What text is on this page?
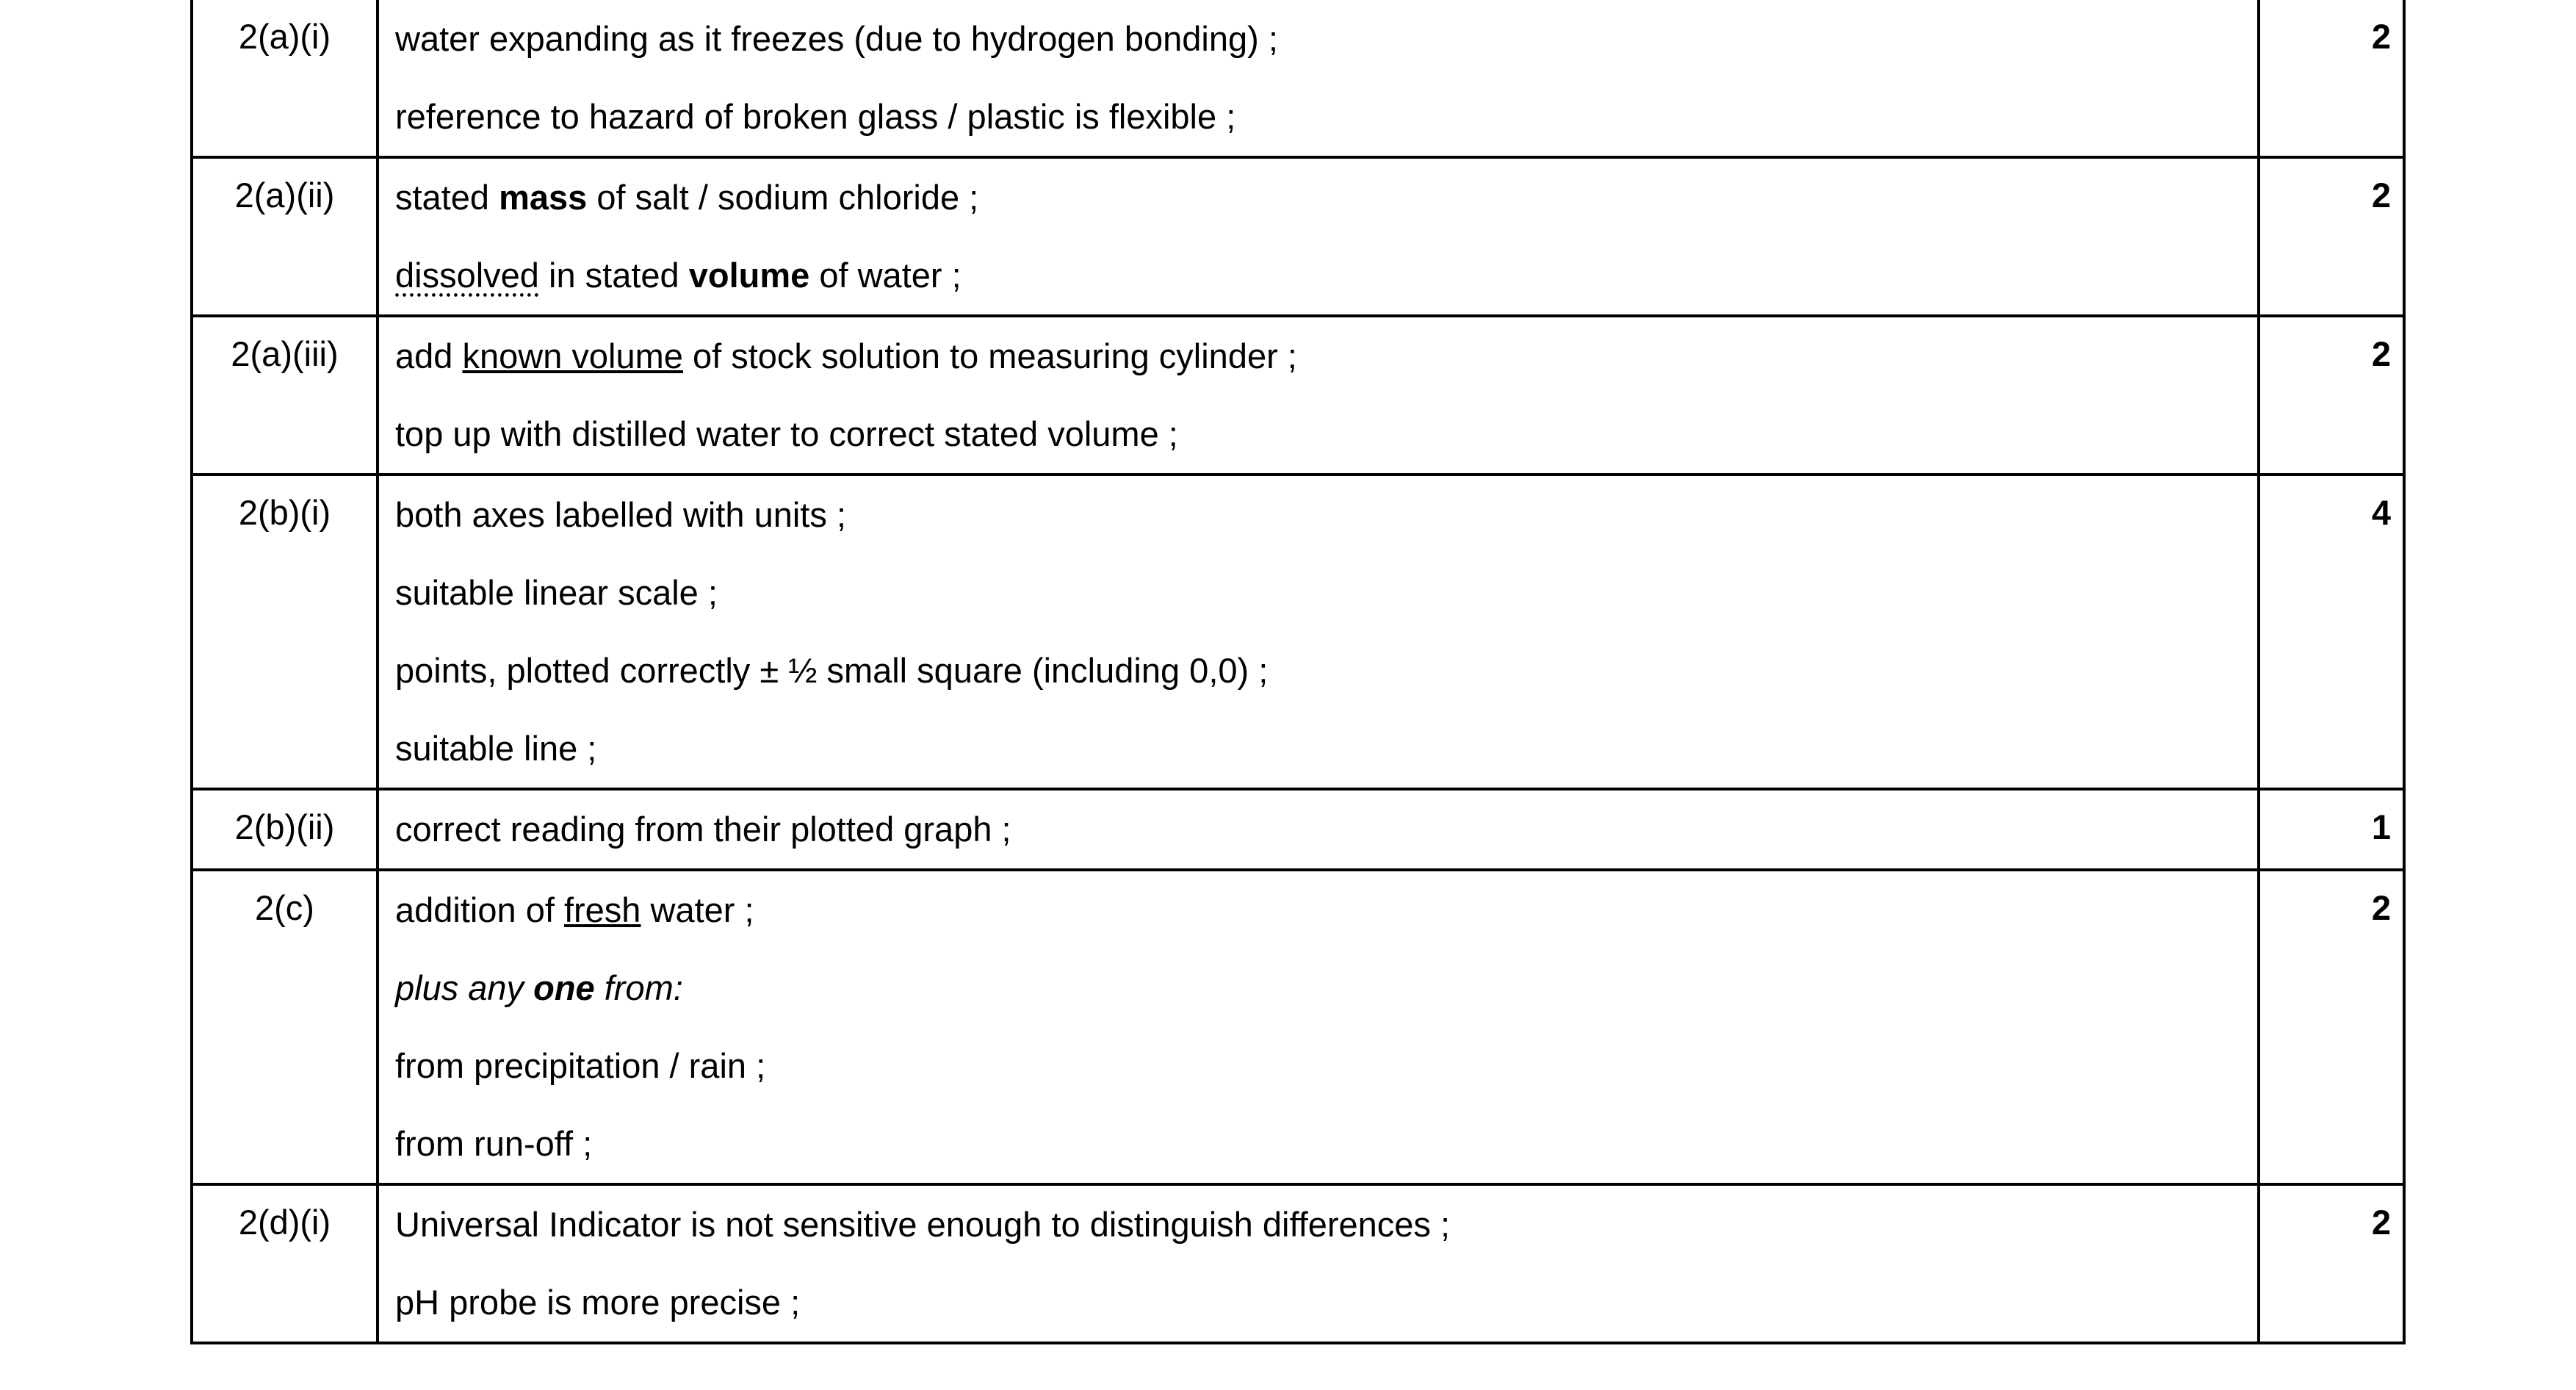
2(a)(i)	water expanding as it freezes (due to hydrogen bonding) ;
reference to hazard of broken glass / plastic is flexible ;	2

2(a)(ii)	stated mass of salt / sodium chloride ;
dissolved in stated volume of water ;	2

2(a)(iii)	add known volume of stock solution to measuring cylinder ;
top up with distilled water to correct stated volume ;	2

2(b)(i)	both axes labelled with units ;
suitable linear scale ;
points, plotted correctly ± ½ small square (including 0,0) ;
suitable line ;	4

2(b)(ii)	correct reading from their plotted graph ;	1

2(c)	addition of fresh water ;
plus any one from:
from precipitation / rain ;
from run-off ;	2

2(d)(i)	Universal Indicator is not sensitive enough to distinguish differences ;
pH probe is more precise ;	2
